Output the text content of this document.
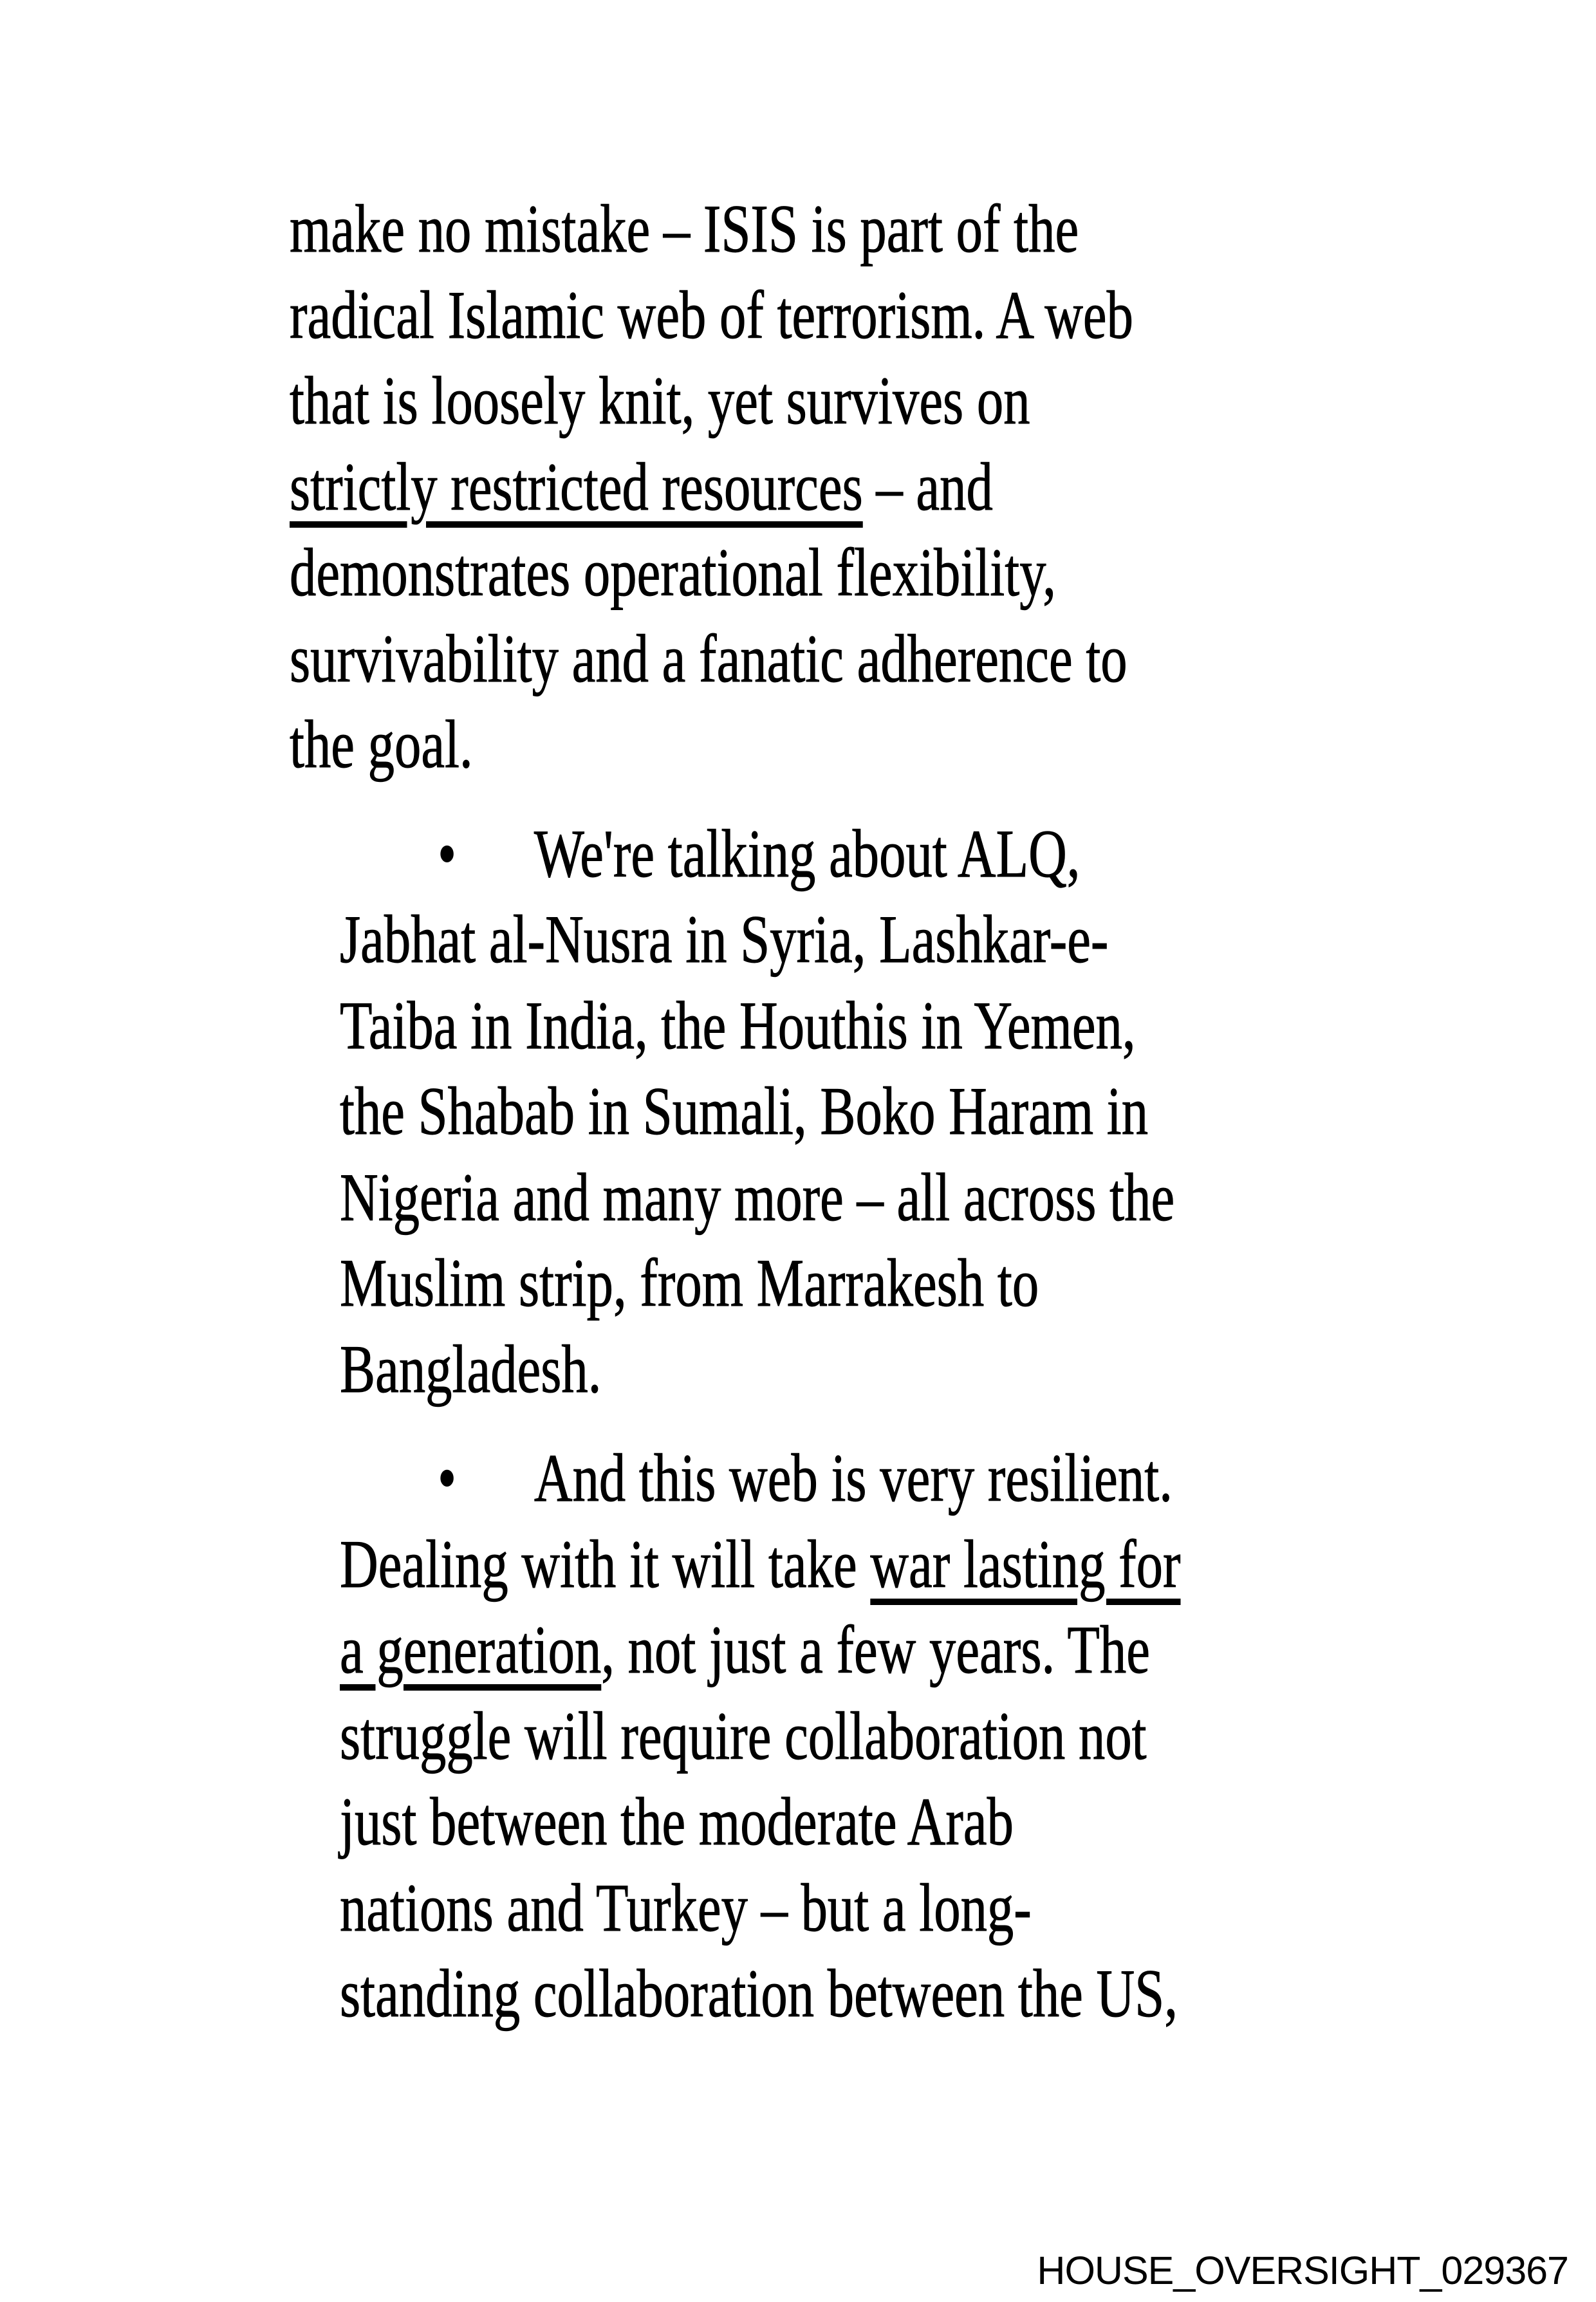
make no mistake – ISIS is part of the
radical Islamic web of terrorism. A web
that is loosely knit, yet survives on
strictly restricted resources – and
demonstrates operational flexibility,
survivability and a fanatic adherence to
the goal.
• We're talking about ALQ,
Jabhat al-Nusra in Syria, Lashkar-e-
Taiba in India, the Houthis in Yemen,
the Shabab in Sumali, Boko Haram in
Nigeria and many more – all across the
Muslim strip, from Marrakesh to
Bangladesh.
• And this web is very resilient.
Dealing with it will take war lasting for
a generation, not just a few years. The
struggle will require collaboration not
just between the moderate Arab
nations and Turkey – but a long-
standing collaboration between the US,
HOUSE_OVERSIGHT_029367
